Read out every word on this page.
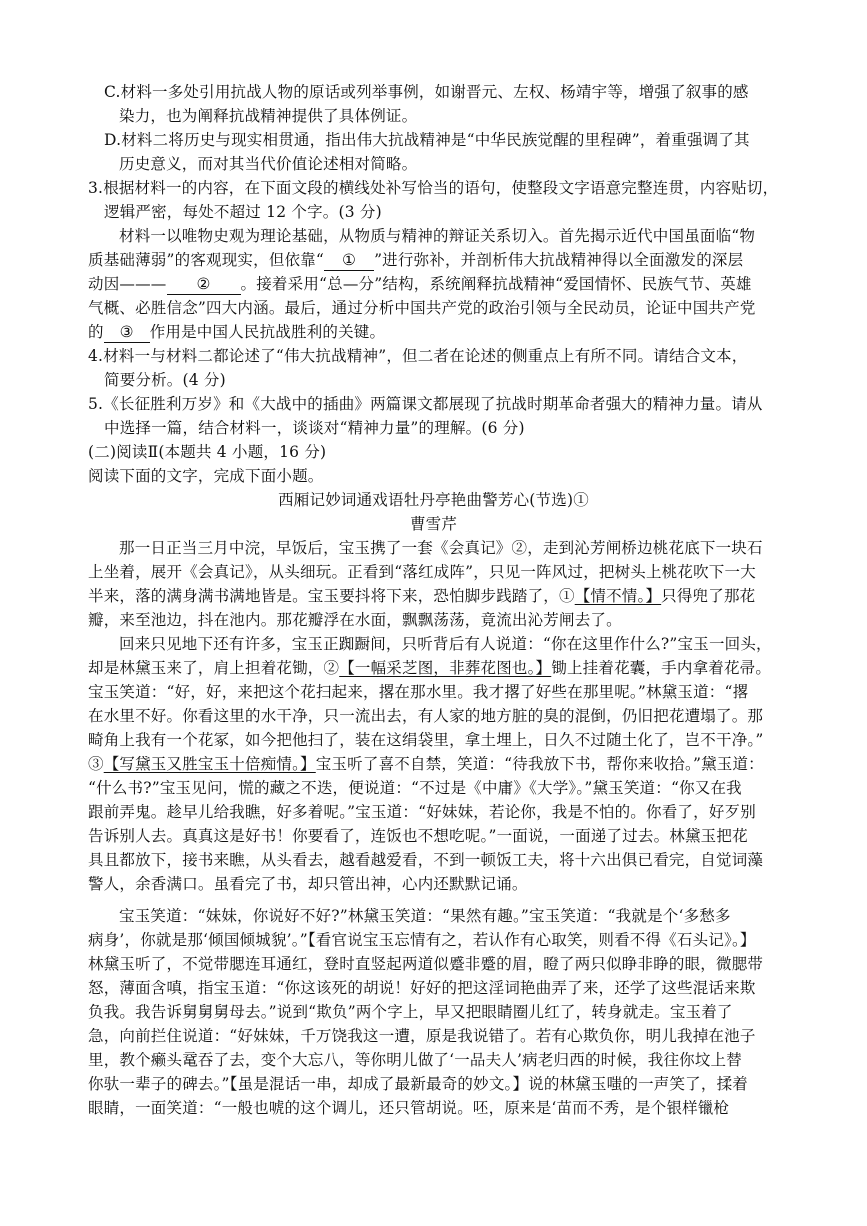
C.材料一多处引用抗战人物的原话或列举事例，如谢晋元、左权、杨靖宇等，增强了叙事的感
染力，也为阐释抗战精神提供了具体例证。
D.材料二将历史与现实相贯通，指出伟大抗战精神是“中华民族觉醒的里程碑”，着重强调了其
历史意义，而对其当代价值论述相对简略。
3.根据材料一的内容，在下面文段的横线处补写恰当的语句，使整段文字语意完整连贯，内容贴切，
逻辑严密，每处不超过 12 个字。(3 分)
材料一以唯物史观为理论基础，从物质与精神的辩证关系切入。首先揭示近代中国虽面临“物
质基础薄弱”的客观现实，但依靠“ ① ”进行弥补，并剖析伟大抗战精神得以全面激发的深层
动因——— ② 。接着采用“总—分”结构，系统阐释抗战精神“爱国情怀、民族气节、英雄
气概、必胜信念”四大内涵。最后，通过分析中国共产党的政治引领与全民动员，论证中国共产党
的 ③ 作用是中国人民抗战胜利的关键。
4.材料一与材料二都论述了“伟大抗战精神”，但二者在论述的侧重点上有所不同。请结合文本，
简要分析。(4 分)
5.《长征胜利万岁》和《大战中的插曲》两篇课文都展现了抗战时期革命者强大的精神力量。请从
中选择一篇，结合材料一，谈谈对“精神力量”的理解。(6 分)
(二)阅读Ⅱ(本题共 4 小题，16 分)
阅读下面的文字，完成下面小题。
西厢记妙词通戏语牡丹亭艳曲警芳心(节选)①
曹雪芹
那一日正当三月中浣，早饭后，宝玉携了一套《会真记》②，走到沁芳闸桥边桃花底下一块石
上坐着，展开《会真记》，从头细玩。正看到“落红成阵”，只见一阵风过，把树头上桃花吹下一大
半来，落的满身满书满地皆是。宝玉要抖将下来，恐怕脚步践踏了，①【情不情。】只得兜了那花
瓣，来至池边，抖在池内。那花瓣浮在水面，飘飘荡荡，竟流出沁芳闸去了。
回来只见地下还有许多，宝玉正踟蹰间，只听背后有人说道：“你在这里作什么?”宝玉一回头，
却是林黛玉来了，肩上担着花锄，②【一幅采芝图，非葬花图也。】锄上挂着花囊，手内拿着花帚。
宝玉笑道：“好，好，来把这个花扫起来，撂在那水里。我才撂了好些在那里呢。”林黛玉道：“撂
在水里不好。你看这里的水干净，只一流出去，有人家的地方脏的臭的混倒，仍旧把花遭塌了。那
畸角上我有一个花冢，如今把他扫了，装在这绢袋里，拿土埋上，日久不过随土化了，岂不干净。”
③【写黛玉又胜宝玉十倍痴情。】宝玉听了喜不自禁，笑道：“待我放下书，帮你来收拾。”黛玉道：
“什么书?”宝玉见问，慌的藏之不迭，便说道：“不过是《中庸》《大学》。”黛玉笑道：“你又在我
跟前弄鬼。趁早儿给我瞧，好多着呢。”宝玉道：“好妹妹，若论你，我是不怕的。你看了，好歹别
告诉别人去。真真这是好书！你要看了，连饭也不想吃呢。”一面说，一面递了过去。林黛玉把花
具且都放下，接书来瞧，从头看去，越看越爱看，不到一顿饭工夫，将十六出俱已看完，自觉词藻
警人，余香满口。虽看完了书，却只管出神，心内还默默记诵。
宝玉笑道：“妹妹，你说好不好?”林黛玉笑道：“果然有趣。”宝玉笑道：“我就是个‘多愁多
病身’，你就是那‘倾国倾城貌’。”【看官说宝玉忘情有之，若认作有心取笑，则看不得《石头记》。】
林黛玉听了，不觉带腮连耳通红，登时直竖起两道似蹙非蹙的眉，瞪了两只似睁非睁的眼，微腮带
怒，薄面含嗔，指宝玉道：“你这该死的胡说！好好的把这淫词艳曲弄了来，还学了这些混话来欺
负我。我告诉舅舅舅母去。”说到“欺负”两个字上，早又把眼睛圈儿红了，转身就走。宝玉着了
急，向前拦住说道：“好妹妹，千万饶我这一遭，原是我说错了。若有心欺负你，明儿我掉在池子
里，教个癞头鼋吞了去，变个大忘八，等你明儿做了‘一品夫人’病老归西的时候，我往你坟上替
你驮一辈子的碑去。”【虽是混话一串，却成了最新最奇的妙文。】说的林黛玉嗤的一声笑了，揉着
眼睛，一面笑道：“一般也唬的这个调儿，还只管胡说。呸，原来是‘苗而不秀，是个银样镴枪
